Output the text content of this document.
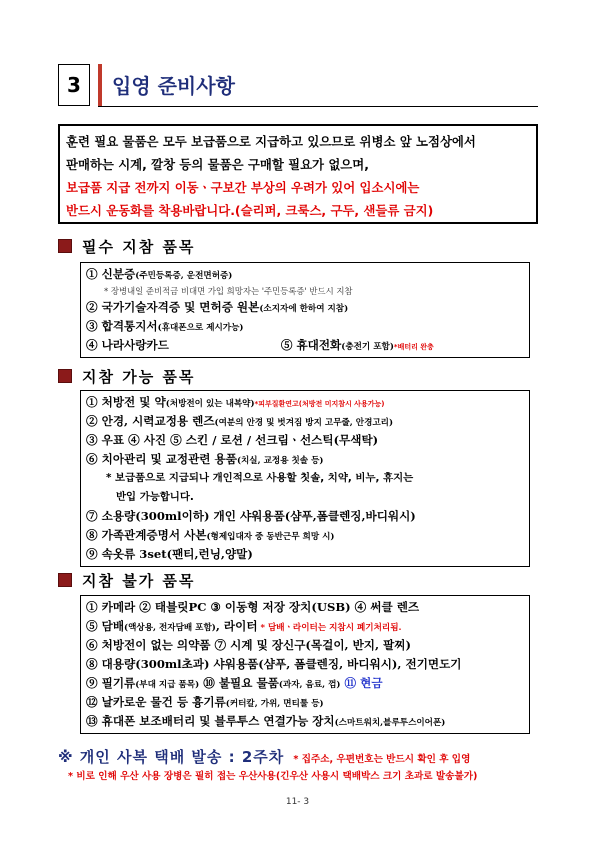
3	입영 준비사항
훈련 필요 물품은 모두 보급품으로 지급하고 있으므로 위병소 앞 노점상에서
판매하는 시계, 깔창 등의 물품은 구매할 필요가 없으며,
보급품 지급 전까지 이동ㆍ구보간 부상의 우려가 있어 입소시에는
반드시 운동화를 착용바랍니다.(슬리퍼, 크룩스, 구두, 샌들류 금지)
필수 지참 품목
① 신분증(주민등록증, 운전면허증)
* 장병내일 준비적금 비대면 가입 희망자는 '주민등록증' 반드시 지참
② 국가기술자격증 및 면허증 원본(소지자에 한하여 지참)
③ 합격통지서(휴대폰으로 제시가능)
④ 나라사랑카드	⑤ 휴대전화(충전기 포함)*배터리 완충
지참 가능 품목
① 처방전 및 약(처방전이 있는 내복약)*피부질환연고(처방전 미지참시 사용가능)
② 안경, 시력교정용 렌즈(여분의 안경 및 벗겨짐 방지 고무줄, 안경고리)
③ 우표 ④ 사진 ⑤ 스킨 / 로션 / 선크림ㆍ선스틱(무색탁)
⑥ 치아관리 및 교정관련 용품(치실, 교정용 칫솔 등)
* 보급품으로 지급되나 개인적으로 사용할 칫솔, 치약, 비누, 휴지는
반입 가능합니다.
⑦ 소용량(300ml이하) 개인 샤워용품(샴푸,폼클렌징,바디워시)
⑧ 가족관계증명서 사본(형제입대자 중 동반근무 희망 시)
⑨ 속옷류 3set(팬티,런닝,양말)
지참 불가 품목
① 카메라 ② 태블릿PC ③ 이동형 저장 장치(USB) ④ 써클 렌즈
⑤ 담배(액상용, 전자담배 포함), 라이터 * 담배ㆍ라이터는 지참시 폐기처리됨.
⑥ 처방전이 없는 의약품 ⑦ 시계 및 장신구(목걸이, 반지, 팔찌)
⑧ 대용량(300ml초과) 샤워용품(샴푸, 폼클렌징, 바디워시), 전기면도기
⑨ 필기류(부대 지급 품목) ⑩ 불필요 물품(과자, 음료, 껌) ⑪ 현금
⑫ 날카로운 물건 등 흉기류(커터칼, 가위, 면티툴 등)
⑬ 휴대폰 보조배터리 및 블루투스 연결가능 장치(스마트워치,블루투스이어폰)
※ 개인 사복 택배 발송 : 2주차 * 집주소, 우편번호는 반드시 확인 후 입영
* 비로 인해 우산 사용 장병은 필히 접는 우산사용(긴우산 사용시 택배박스 크기 초과로 발송불가)
11- 3
